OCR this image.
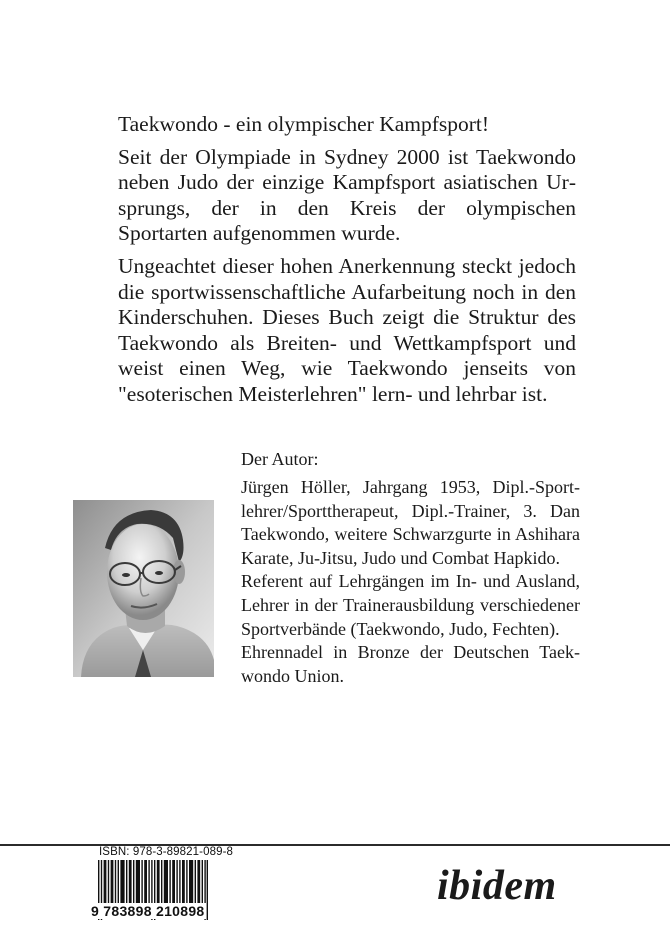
Taekwondo - ein olympischer Kampfsport!

Seit der Olympiade in Sydney 2000 ist Taekwondo neben Judo der einzige Kampfsport asiatischen Ursprungs, der in den Kreis der olympischen Sportarten aufgenommen wurde.

Ungeachtet dieser hohen Anerkennung steckt jedoch die sportwissenschaftliche Aufarbeitung noch in den Kinderschuhen. Dieses Buch zeigt die Struktur des Taekwondo als Breiten- und Wettkampfsport und weist einen Weg, wie Taekwondo jenseits von "esoterischen Meisterlehren" lern- und lehrbar ist.

Der Autor:

Jürgen Höller, Jahrgang 1953, Dipl.-Sportlehrer/Sporttherapeut, Dipl.-Trainer, 3. Dan Taekwondo, weitere Schwarzgurte in Ashihara Karate, Ju-Jitsu, Judo und Combat Hapkido.

Referent auf Lehrgängen im In- und Ausland, Lehrer in der Trainerausbildung verschiedener Sportverbände (Taekwondo, Judo, Fechten).

Ehrennadel in Bronze der Deutschen Taekwondo Union.

ISBN: 978-3-89821-089-8
9 783898 210898
ibidem
